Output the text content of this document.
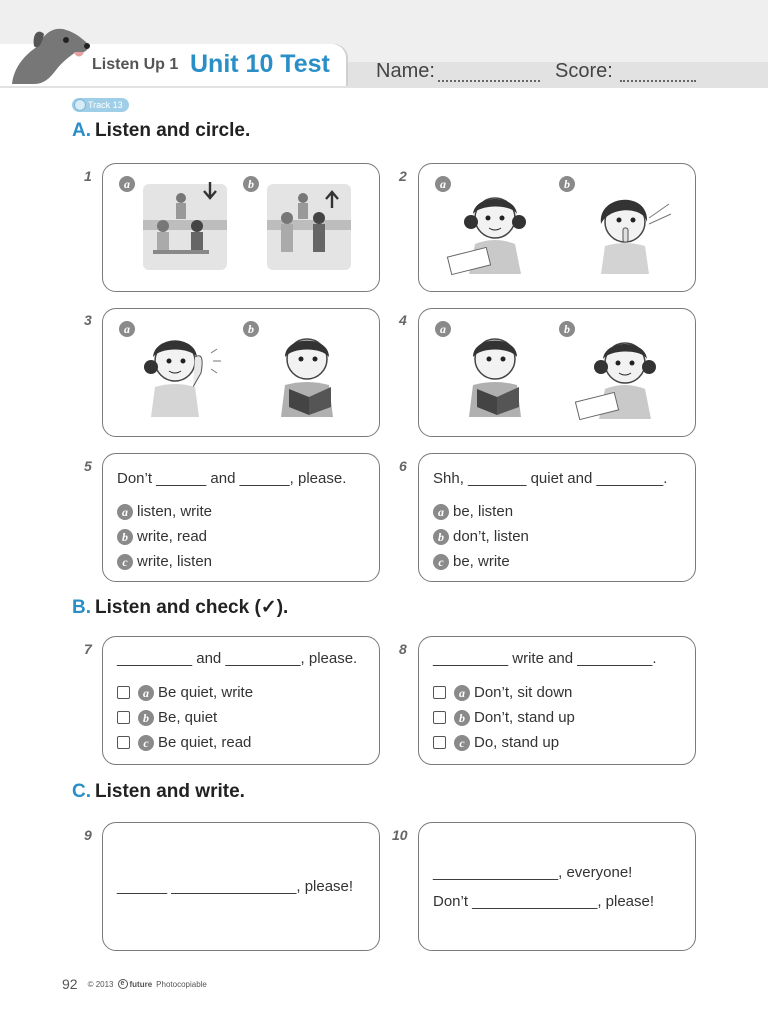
Listen Up 1 Unit 10 Test Name:	Score:
Track 13
A. Listen and circle.
1	a	b	2	a	b
3
a	b
4
a	b
5
Don’t ______ and ______, please.
a listen, write
b write, read
c write, listen
6
Shh, _______ quiet and ________.
a be, listen
b don’t, listen
c be, write
B. Listen and check (✓).
7
_________ and _________, please.
a Be quiet, write
b Be, quiet
c Be quiet, read
8
_________ write and _________.
a Don’t, sit down
b Don’t, stand up
c Do, stand up
C. Listen and write.
9
______ _______________, please!
10
_______________, everyone!
Don’t _______________, please!
92 © 2013	e future Photocopiable
